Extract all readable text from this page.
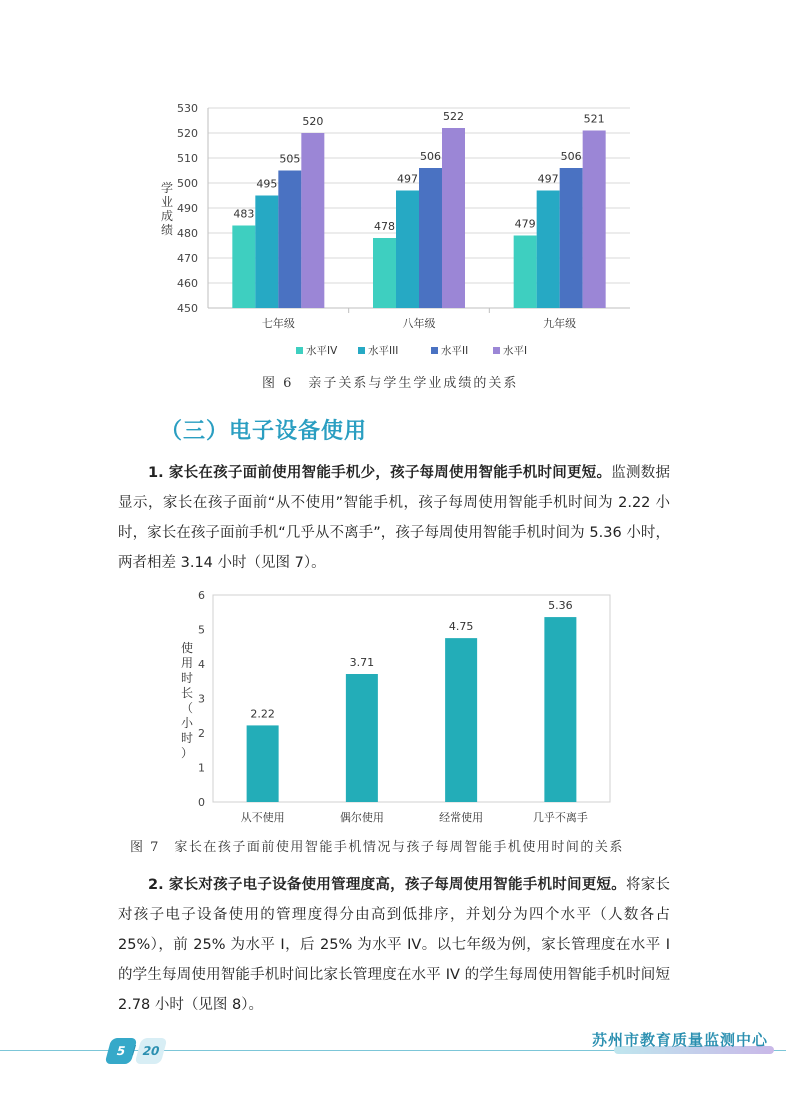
450
460
470
480
490
500
510
520
530
学
业
成
绩
483
495
505
520
七年级
478
497
506
522
八年级
479
497
506
521
九年级
水平IV	水平III	水平II	水平I
图 6　亲子关系与学生学业成绩的关系
（三）电子设备使用
1. 家长在孩子面前使用智能手机少，孩子每周使用智能手机时间更短。监测数据显示，家长在孩子面前“从不使用”智能手机，孩子每周使用智能手机时间为 2.22 小时，家长在孩子面前手机“几乎从不离手”，孩子每周使用智能手机时间为 5.36 小时，两者相差 3.14 小时（见图 7）。
0
1
2
3
4
5
6
使
用
时
长
（
小
时
）
2.22
从不使用
3.71
偶尔使用
4.75
经常使用
5.36
几乎不离手
图 7　家长在孩子面前使用智能手机情况与孩子每周智能手机使用时间的关系
2. 家长对孩子电子设备使用管理度高，孩子每周使用智能手机时间更短。将家长对孩子电子设备使用的管理度得分由高到低排序，并划分为四个水平（人数各占 25%），前 25% 为水平 I，后 25% 为水平 IV。以七年级为例，家长管理度在水平 I 的学生每周使用智能手机时间比家长管理度在水平 IV 的学生每周使用智能手机时间短 2.78 小时（见图 8）。
5 / 20
苏州市教育质量监测中心
